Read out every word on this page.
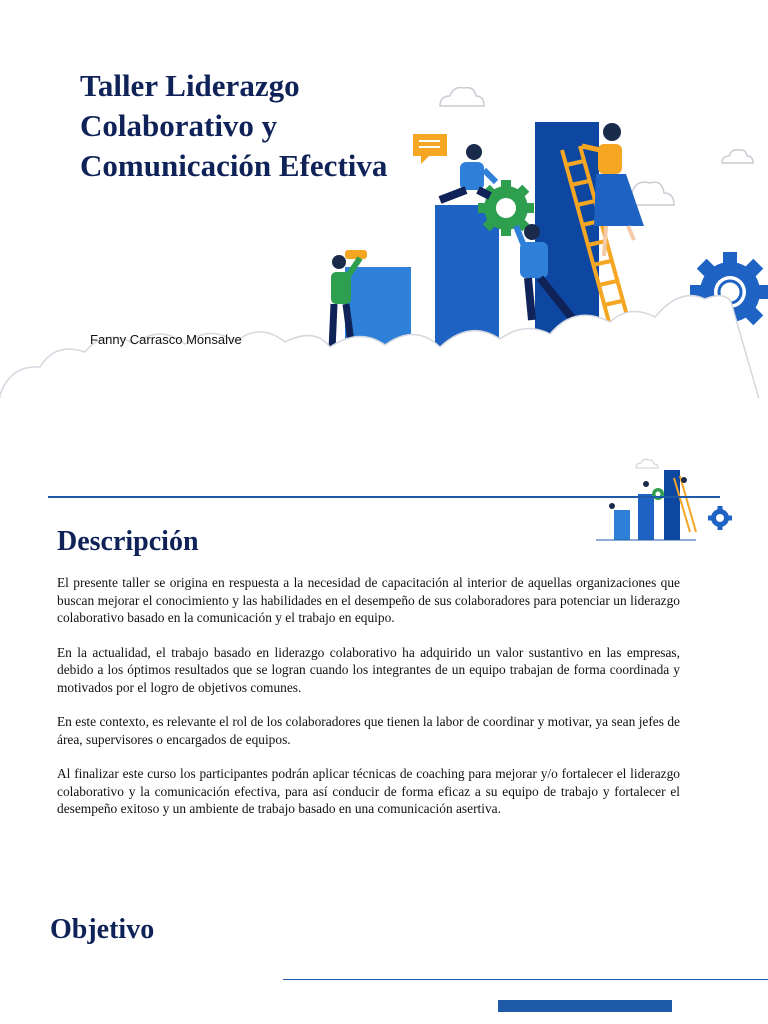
Taller Liderazgo Colaborativo y Comunicación Efectiva

Fanny Carrasco Monsalve

Descripción

El presente taller se origina en respuesta a la necesidad de capacitación al interior de aquellas organizaciones que buscan mejorar el conocimiento y las habilidades en el desempeño de sus colaboradores para potenciar un liderazgo colaborativo basado en la comunicación y el trabajo en equipo.

En la actualidad, el trabajo basado en liderazgo colaborativo ha adquirido un valor sustantivo en las empresas, debido a los óptimos resultados que se logran cuando los integrantes de un equipo trabajan de forma coordinada y motivados por el logro de objetivos comunes.

En este contexto, es relevante el rol de los colaboradores que tienen la labor de coordinar y motivar, ya sean jefes de área, supervisores o encargados de equipos.

Al finalizar este curso los participantes podrán aplicar técnicas de coaching para mejorar y/o fortalecer el liderazgo colaborativo y la comunicación efectiva, para así conducir de forma eficaz a su equipo de trabajo y fortalecer el desempeño exitoso y un ambiente de trabajo basado en una comunicación asertiva.

Objetivo
